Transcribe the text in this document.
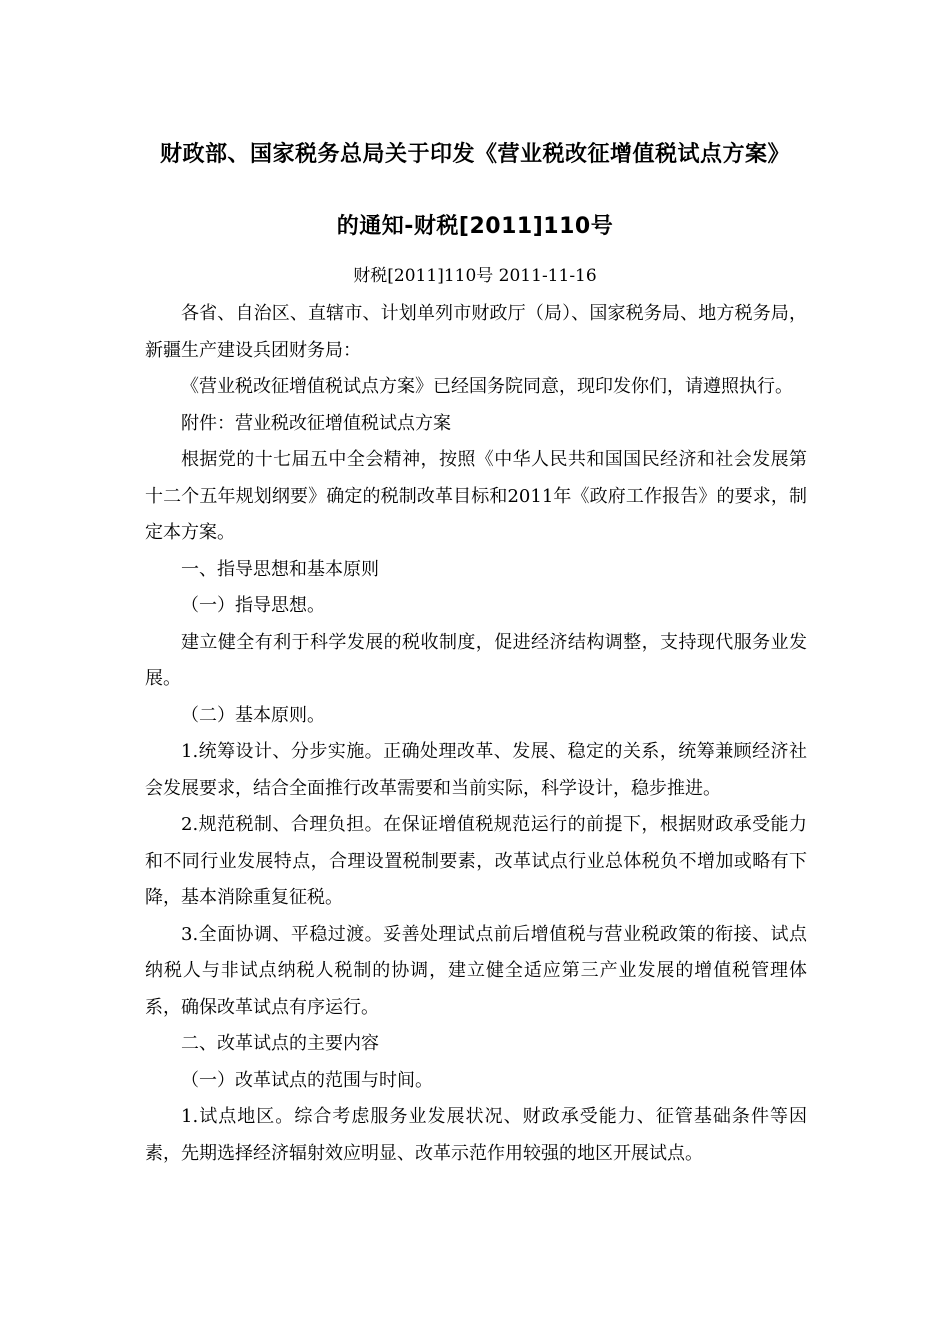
财政部、国家税务总局关于印发《营业税改征增值税试点方案》
的通知-财税[2011]110号
财税[2011]110号 2011-11-16

各省、自治区、直辖市、计划单列市财政厅（局）、国家税务局、地方税务局，新疆生产建设兵团财务局：

《营业税改征增值税试点方案》已经国务院同意，现印发你们，请遵照执行。

附件：营业税改征增值税试点方案

根据党的十七届五中全会精神，按照《中华人民共和国国民经济和社会发展第十二个五年规划纲要》确定的税制改革目标和2011年《政府工作报告》的要求，制定本方案。

一、指导思想和基本原则

（一）指导思想。

建立健全有利于科学发展的税收制度，促进经济结构调整，支持现代服务业发展。

（二）基本原则。

1.统筹设计、分步实施。正确处理改革、发展、稳定的关系，统筹兼顾经济社会发展要求，结合全面推行改革需要和当前实际，科学设计，稳步推进。

2.规范税制、合理负担。在保证增值税规范运行的前提下，根据财政承受能力和不同行业发展特点，合理设置税制要素，改革试点行业总体税负不增加或略有下降，基本消除重复征税。

3.全面协调、平稳过渡。妥善处理试点前后增值税与营业税政策的衔接、试点纳税人与非试点纳税人税制的协调，建立健全适应第三产业发展的增值税管理体系，确保改革试点有序运行。

二、改革试点的主要内容

（一）改革试点的范围与时间。

1.试点地区。综合考虑服务业发展状况、财政承受能力、征管基础条件等因素，先期选择经济辐射效应明显、改革示范作用较强的地区开展试点。
